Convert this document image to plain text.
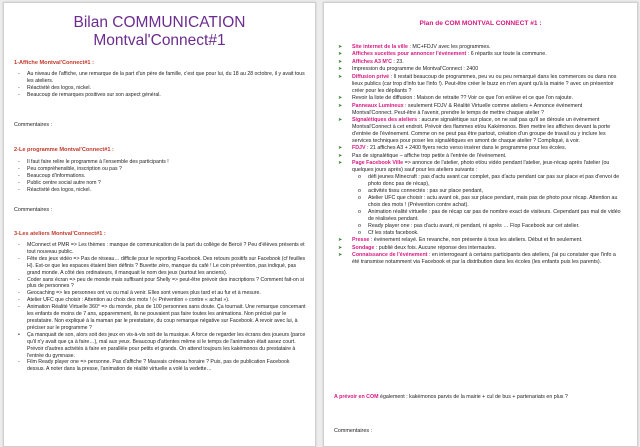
Bilan COMMUNICATION
Montval'Connect#1
1-Affiche Montval'Connect#1 :
- Au niveau de l'affiche, une remarque de la part d'un père de famille, c'est que pour lui, du 18 au 28 octobre, il y avait tous les ateliers.
- Réactivité des logos, nickel.
- Beaucoup de remarques positives sur son aspect général.
Commentaires :
2-Le programme Montval'Connect#1 :
- Il faut faire relire le programme à l'ensemble des participants !
- Peu compréhensible, inscription ou pas ?
- Beaucoup d'informations.
- Public centre social autre nom ?
- Réactivité des logos, nickel.
Commentaires :
3-Les ateliers Montval'Connect#1 :
- MConnect et PMR => Les thèmes : manque de communication de la part du collège de Bercé ? Peu d'élèves présents et tout nouveau public.
- Fête des jeux vidéo => Pas de réseau… difficile pour le reporting Facebook. Des retours positifs sur Facebook (cf feuilles H). Est-ce que les espaces étaient bien définis ? Buvette zéro, manque du café ! Le coin prévention, pas indiqué, pas grand monde. A côté des ordinateurs, il manquait le nom des jeux (surtout les anciens).
- Coder sans écran => peu de monde mais suffisant pour Shelly => peut-être prévoir des inscriptions ? Comment fait-on si plus de personnes ?
- Geocaching => les personnes ont vu ou mal à venir. Elles sont venues plus tard et au fur et à mesure.
- Atelier UFC que choisir : Attention au choix des mots ! (« Prévention » contre « achat »).
- Animation Réalité Virtuelle 360° => du monde, plus de 100 personnes sans doute. Ça tournait. Une remarque concernant les enfants de moins de 7 ans, apparemment, ils ne pouvaient pas faire toutes les animations. Non précisé par le prestataire. Non expliqué à la maman par le prestataire, du coup remarque négative sur Facebook. A revoir avec lui, à préciser sur le programme ?
• Ça manquait de son, alors soit des jeux en vis-à-vis soit de la musique. A force de regarder les écrans des joueurs (parce qu'il n'y avait que ça à faire…), mal aux yeux. Beaucoup d'attentes même si le temps de l'animation était assez court. Prévoir d'autres activités à faire en parallèle pour petits et grands. On attend toujours les kakémonos du prestataire à l'entrée du gymnase.
- Film Ready player one => personne. Pas d'affiche ? Mauvais créneau horaire ? Puis, pas de publication Facebook dessus. A noter dans la presse, l'animation de réalité virtuelle a volé la vedette…
Plan de COM MONTVAL CONNECT #1 :
➤ Site internet de la ville : MC+FDJV avec les programmes.
➤ Affiches sucettes pour annoncer l'événement : 6 répartis sur toute la commune.
➤ Affiches A3 M'C : 23.
➤ Impression du programme de Montval'Connect : 2400
➤ Diffusion privé : Il restait beaucoup de programmes, peu vu ou peu remarqué dans les commerces ou dans nos lieux publics (car trop d'info tue l'info !). Peut-être créer le buzz en n'en ayant qu'à la mairie ? avec un présentoir créer pour les dépliants ?
➤ Revoir la liste de diffusion : Maison de retraite ?? Voir ce que l'on enlève et ce que l'on rajoute.
➤ Panneaux Lumineux : seulement FDJV & Réalité Virtuelle comme ateliers + Annonce événement Montval'Connect. Peut-être à l'avenir, prendre le temps de mettre chaque atelier ?
➤ Signalétiques des ateliers : aucune signalétique sur place, on ne sait pas qu'il se déroule un événement Montval'Connect à cet endroit. Prévoir des flammes et/ou Kakémonos. Bien mettre les affiches devant la porte d'entrée de l'événement. Comme on ne peut pas être partout, création d'un groupe de travail ou y inclure les services techniques pour poser les signalétiques en amont de chaque atelier ? Compliqué, à voir.
➤ FDJV : 21 affiches A3 + 2400 flyers recto verso insérer dans le programme pour les écoles.
➤ Pas de signalétique – affiche trop petite à l'entrée de l'événement.
➤ Page Facebook Ville => annonce de l'atelier, photo et/ou vidéo pendant l'atelier, jeux-récap après l'atelier (ou quelques jours après) sauf pour les ateliers suivants :
o défi jeunes Minecraft : pas d'actu avant car complet, pas d'actu pendant car pas sur place et pas d'envoi de photo donc pas de récap),
o activités tissu connectés : pas sur place pendant,
o Atelier UFC que choisir : actu avant ok, pas sur place pendant, mais pas de photo pour récap. Attention au choix des mots ! (Prévention contre achat).
o Animation réalité virtuelle : pas de récap car pas de nombre exact de visiteurs. Cependant pas mal de vidéo de réalisées pendant.
o Ready player one : pas d'actu avant, ni pendant, ni après … Flop Facebook sur cet atelier.
o Cf les stats facebook.
➤ Presse : événement relayé. En revanche, non présente à tous les ateliers. Début et fin seulement.
➤ Sondage : publié deux fois. Aucune réponse des internautes.
➤ Connaissance de l'événement : en interrogeant à certains participants des ateliers, j'ai pu constater que l'info a été transmise notamment via Facebook et par la distribution dans les écoles (les enfants puis les parents).
A prévoir en COM également : kakémonos parvis de la mairie + cul de bus + partenariats en plus ?
Commentaires :
